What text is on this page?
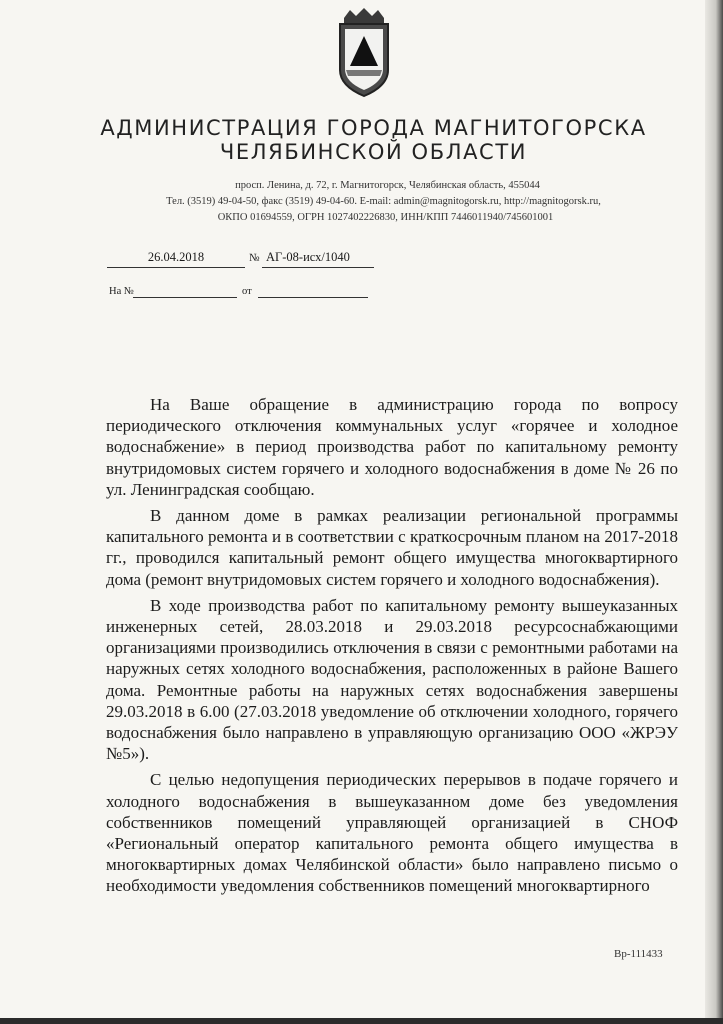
АДМИНИСТРАЦИЯ ГОРОДА МАГНИТОГОРСКА
ЧЕЛЯБИНСКОЙ ОБЛАСТИ
просп. Ленина, д. 72, г. Магнитогорск, Челябинская область, 455044
Тел. (3519) 49-04-50, факс (3519) 49-04-60. E-mail: admin@magnitogorsk.ru, http://magnitogorsk.ru,
ОКПО 01694559, ОГРН 1027402226830, ИНН/КПП 7446011940/745601001
26.04.2018	№ АГ-08-исх/1040
На №	от

На Ваше обращение в администрацию города по вопросу периодического отключения коммунальных услуг «горячее и холодное водоснабжение» в период производства работ по капитальному ремонту внутридомовых систем горячего и холодного водоснабжения в доме № 26 по ул. Ленинградская сообщаю.

В данном доме в рамках реализации региональной программы капитального ремонта и в соответствии с краткосрочным планом на 2017-2018 гг., проводился капитальный ремонт общего имущества многоквартирного дома (ремонт внутридомовых систем горячего и холодного водоснабжения).

В ходе производства работ по капитальному ремонту вышеуказанных инженерных сетей, 28.03.2018 и 29.03.2018 ресурсоснабжающими организациями производились отключения в связи с ремонтными работами на наружных сетях холодного водоснабжения, расположенных в районе Вашего дома. Ремонтные работы на наружных сетях водоснабжения завершены 29.03.2018 в 6.00 (27.03.2018 уведомление об отключении холодного, горячего водоснабжения было направлено в управляющую организацию ООО «ЖРЭУ №5»).

С целью недопущения периодических перерывов в подаче горячего и холодного водоснабжения в вышеуказанном доме без уведомления собственников помещений управляющей организацией в СНОФ «Региональный оператор капитального ремонта общего имущества в многоквартирных домах Челябинской области» было направлено письмо о необходимости уведомления собственников помещений многоквартирного

Вр-111433
